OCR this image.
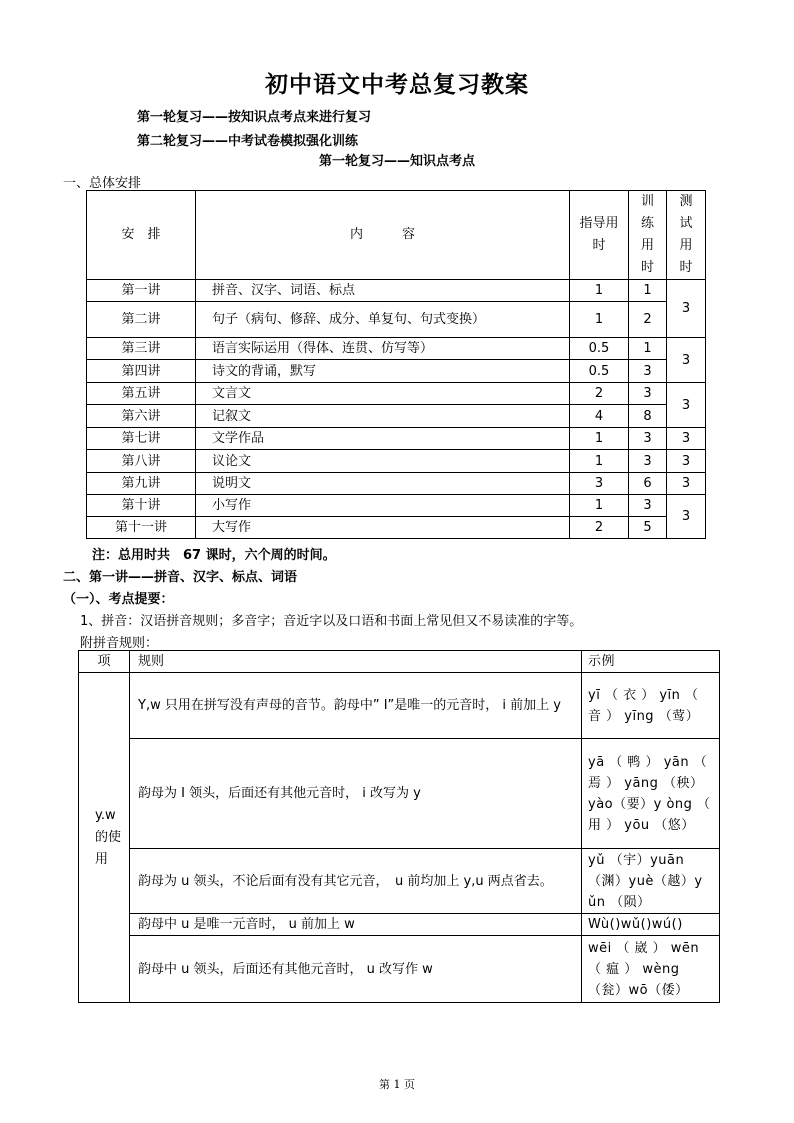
初中语文中考总复习教案
第一轮复习——按知识点考点来进行复习
第二轮复习——中考试卷模拟强化训练
第一轮复习——知识点考点
一、总体安排
安　排	内　　　容	指导用时	训练用时	测试用时
第一讲	拼音、汉字、词语、标点	1	1	3
第二讲	句子（病句、修辞、成分、单复句、句式变换）	1	2	
第三讲	语言实际运用（得体、连贯、仿写等）	0.5	1	3
第四讲	诗文的背诵，默写	0.5	3	
第五讲	文言文	2	3	3
第六讲	记叙文	4	8	
第七讲	文学作品	1	3	3
第八讲	议论文	1	3	3
第九讲	说明文	3	6	3
第十讲	小写作	1	3	3
第十一讲	大写作	2	5	
注：总用时共　67 课时，六个周的时间。
二、第一讲——拼音、汉字、标点、词语
（一）、考点提要：
1、拼音：汉语拼音规则；多音字；音近字以及口语和书面上常见但又不易读准的字等。
附拼音规则：
项	规则	示例
y.w 的使用	Y,w 只用在拼写没有声母的音节。韵母中” I”是唯一的元音时， i 前加上 y	yī （ 衣 ） yīn （ 音 ） yīng （莺）
	韵母为 I 领头，后面还有其他元音时， i 改写为 y	yā （ 鸭 ） yān （ 焉 ） yāng （秧）yào（要）y òng （ 用 ） yōu （悠）
	韵母为 u 领头，不论后面有没有其它元音，　u 前均加上 y,u 两点省去。	yǔ （宇）yuān （渊）yuè（越）y ǔn （陨）
	韵母中 u 是唯一元音时， u 前加上 w	Wù()wǔ()wú()
	韵母中 u 领头，后面还有其他元音时， u 改写作 w	wēi （ 崴 ） wēn （ 瘟 ） wèng （瓮）wō（倭）
第 1 页
